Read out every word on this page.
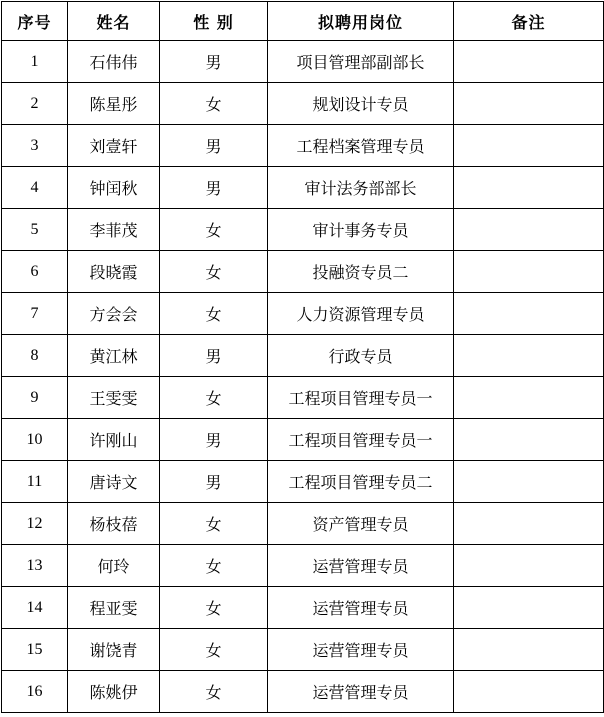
序号	姓名	性 别	拟聘用岗位	备注
1	石伟伟	男	项目管理部副部长	
2	陈星彤	女	规划设计专员	
3	刘壹轩	男	工程档案管理专员	
4	钟闰秋	男	审计法务部部长	
5	李菲茂	女	审计事务专员	
6	段晓霞	女	投融资专员二	
7	方会会	女	人力资源管理专员	
8	黄江林	男	行政专员	
9	王雯雯	女	工程项目管理专员一	
10	许刚山	男	工程项目管理专员一	
11	唐诗文	男	工程项目管理专员二	
12	杨枝蓓	女	资产管理专员	
13	何玲	女	运营管理专员	
14	程亚雯	女	运营管理专员	
15	谢饶青	女	运营管理专员	
16	陈姚伊	女	运营管理专员	
